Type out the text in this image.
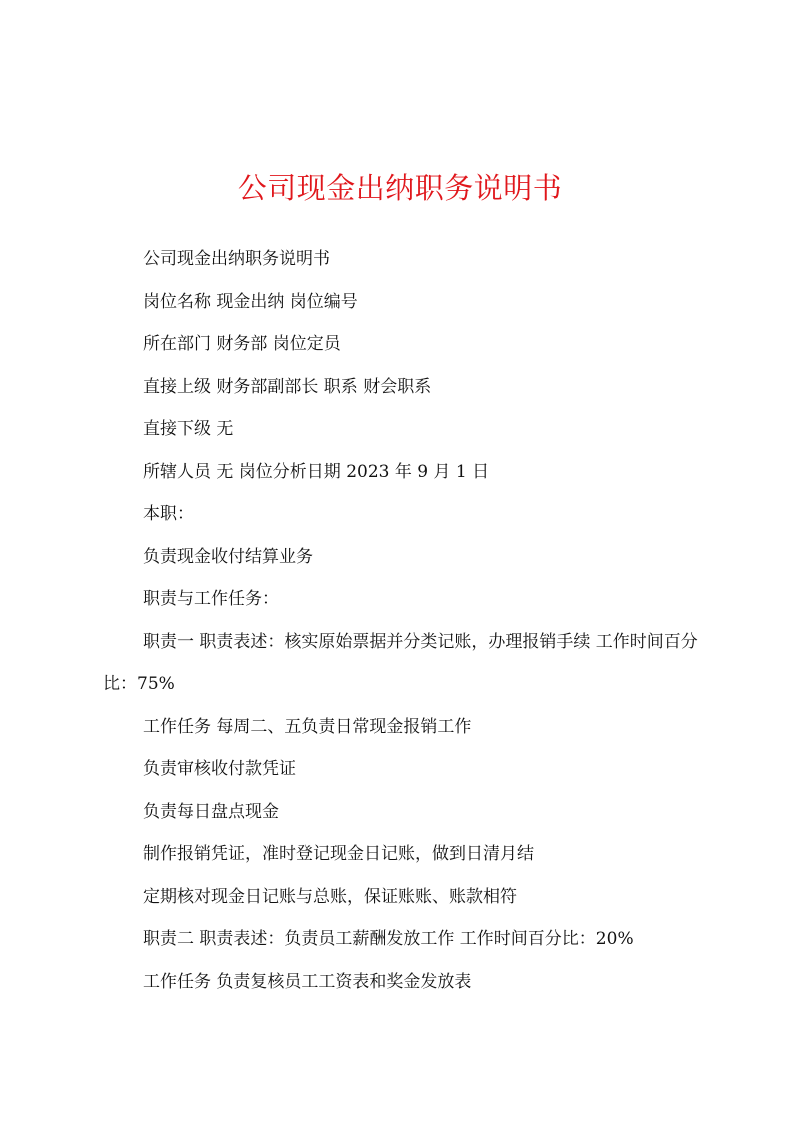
公司现金出纳职务说明书

公司现金出纳职务说明书

岗位名称 现金出纳 岗位编号

所在部门 财务部 岗位定员

直接上级 财务部副部长 职系 财会职系

直接下级 无

所辖人员 无 岗位分析日期 2023 年 9 月 1 日

本职：

负责现金收付结算业务

职责与工作任务：

职责一 职责表述：核实原始票据并分类记账，办理报销手续 工作时间百分比：75%

工作任务 每周二、五负责日常现金报销工作

负责审核收付款凭证

负责每日盘点现金

制作报销凭证，准时登记现金日记账，做到日清月结

定期核对现金日记账与总账，保证账账、账款相符

职责二 职责表述：负责员工薪酬发放工作 工作时间百分比：20%

工作任务 负责复核员工工资表和奖金发放表
